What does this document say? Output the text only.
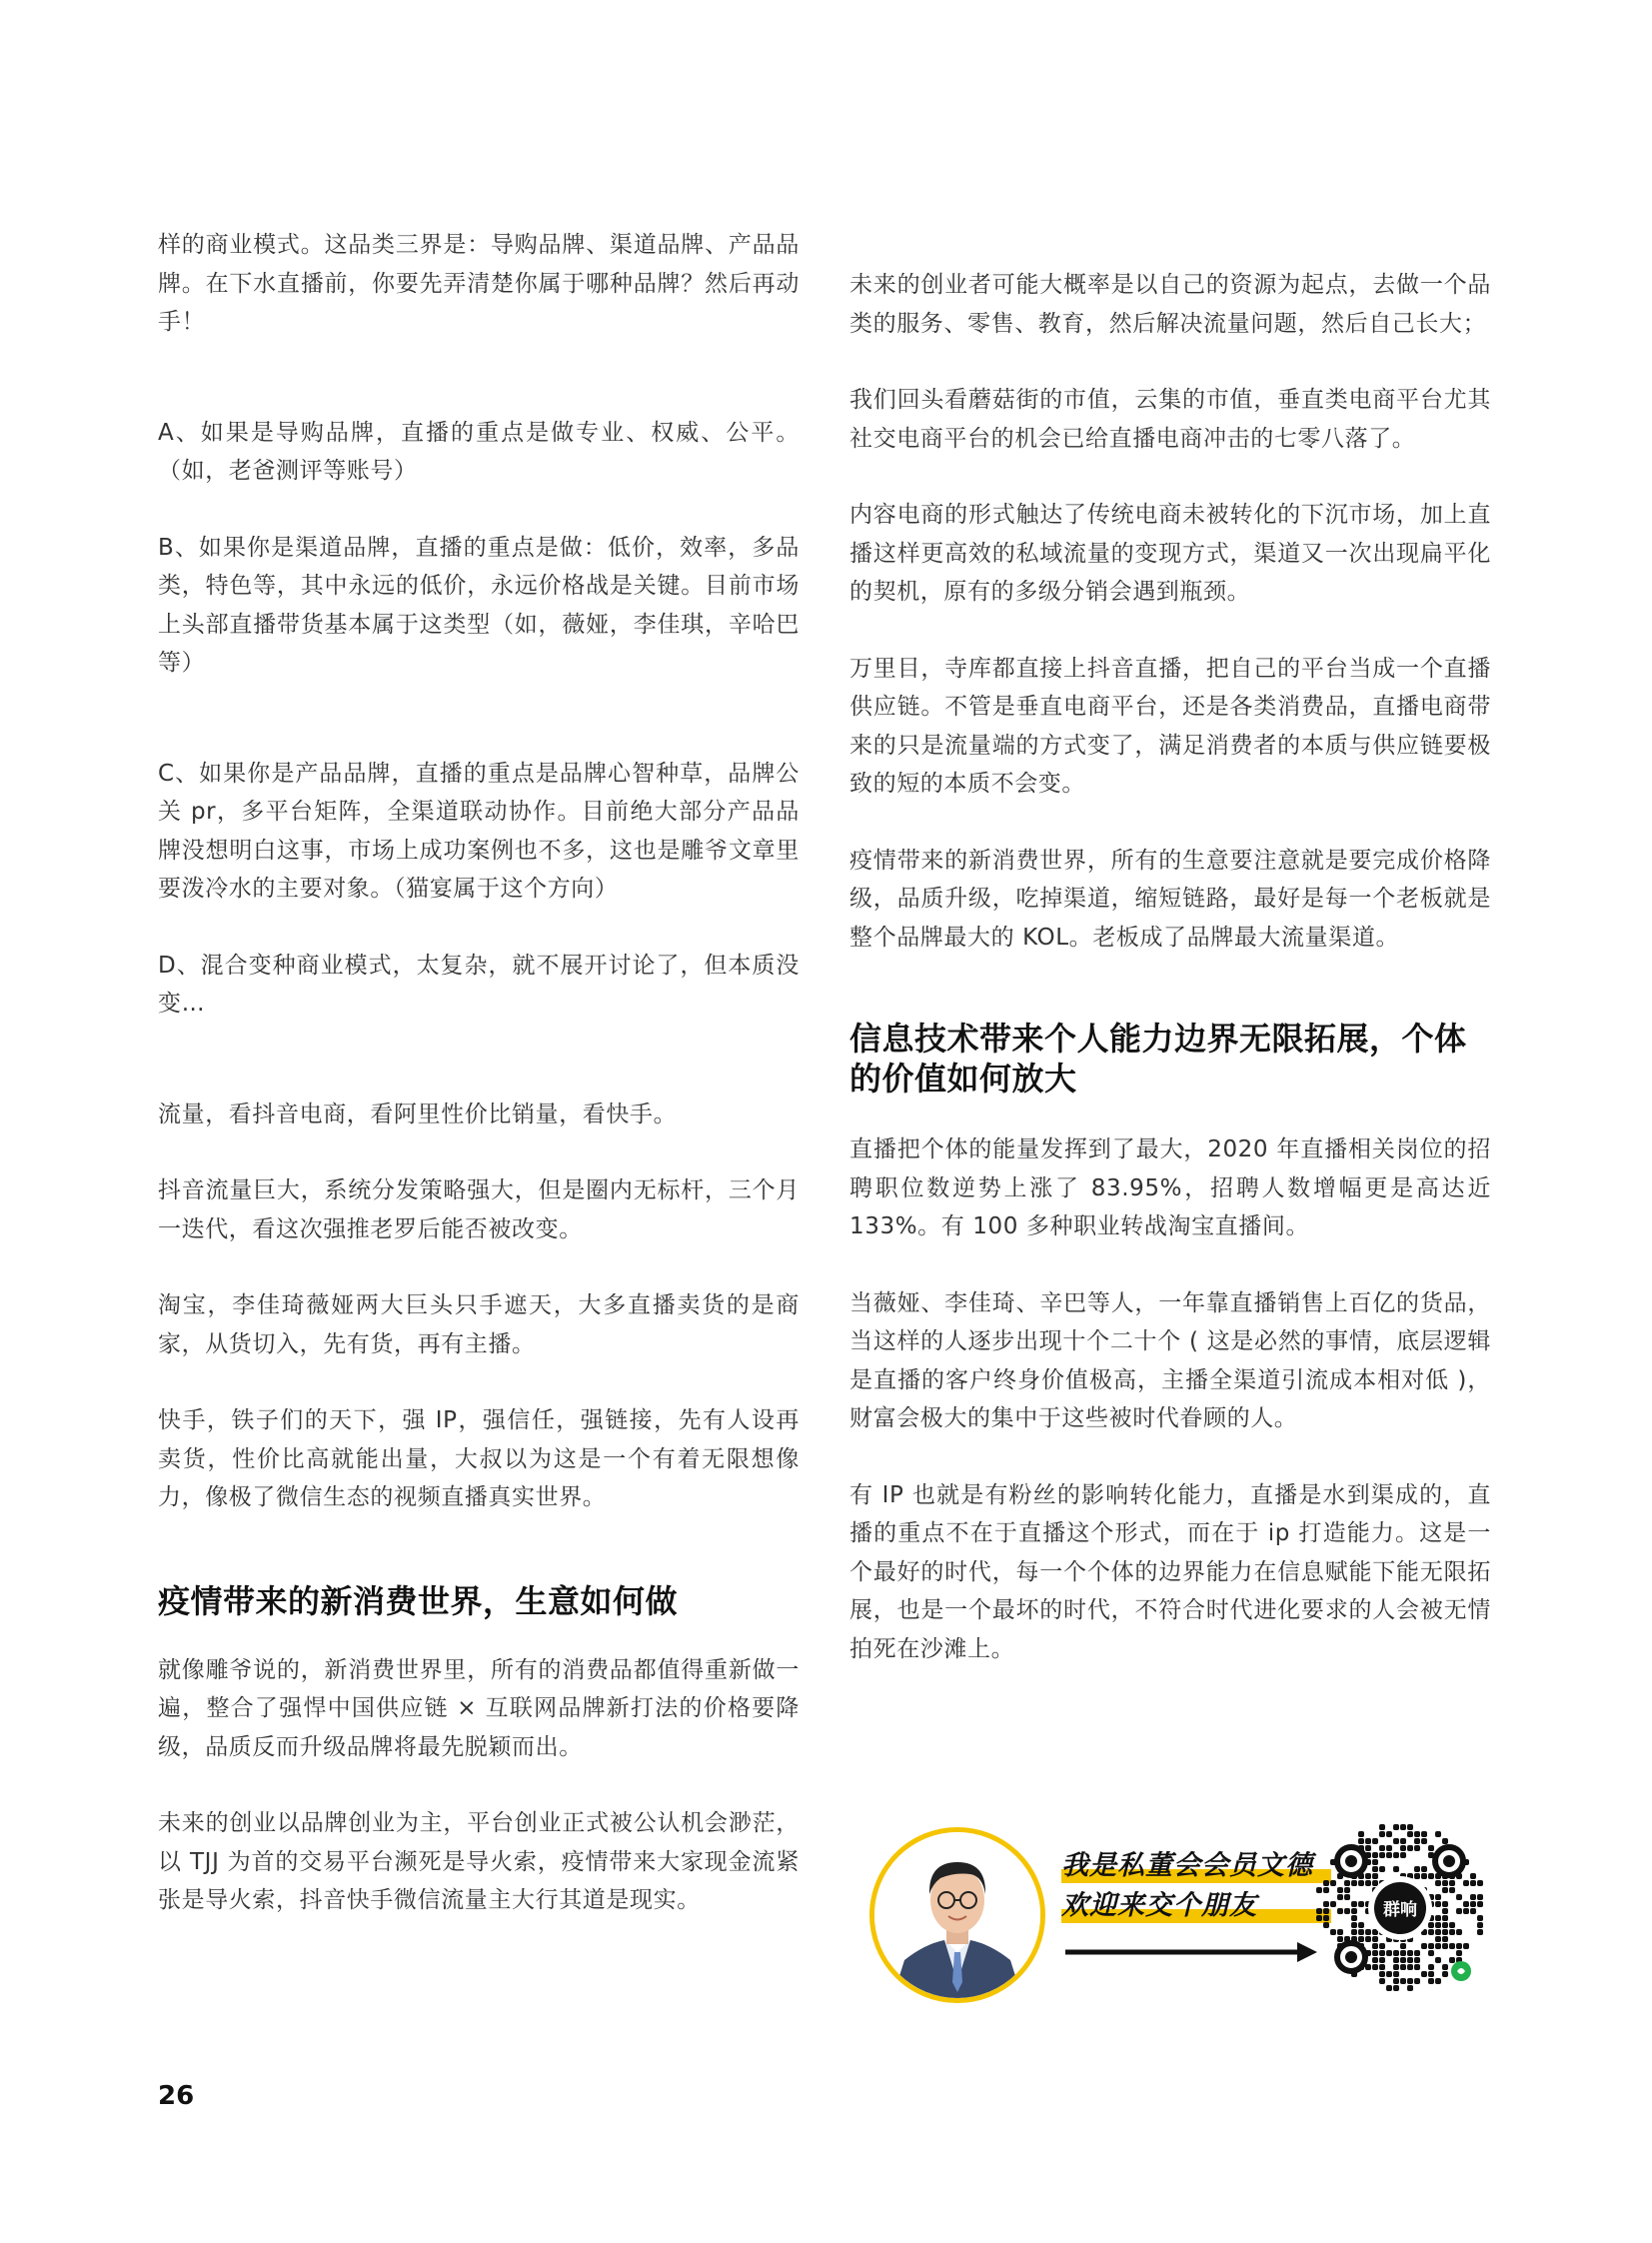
样的商业模式。这品类三界是：导购品牌、渠道品牌、产品品牌。在下水直播前，你要先弄清楚你属于哪种品牌？然后再动手！

A、如果是导购品牌，直播的重点是做专业、权威、公平。（如，老爸测评等账号）

B、如果你是渠道品牌，直播的重点是做：低价，效率，多品类，特色等，其中永远的低价，永远价格战是关键。目前市场上头部直播带货基本属于这类型（如，薇娅，李佳琪，辛哈巴等）

C、如果你是产品品牌，直播的重点是品牌心智种草，品牌公关 pr，多平台矩阵，全渠道联动协作。目前绝大部分产品品牌没想明白这事，市场上成功案例也不多，这也是雕爷文章里要泼冷水的主要对象。（猫宴属于这个方向）

D、混合变种商业模式，太复杂，就不展开讨论了，但本质没变…

流量，看抖音电商，看阿里性价比销量，看快手。

抖音流量巨大，系统分发策略强大，但是圈内无标杆，三个月一迭代，看这次强推老罗后能否被改变。

淘宝，李佳琦薇娅两大巨头只手遮天，大多直播卖货的是商家，从货切入，先有货，再有主播。

快手，铁子们的天下，强 IP，强信任，强链接，先有人设再卖货，性价比高就能出量，大叔以为这是一个有着无限想像力，像极了微信生态的视频直播真实世界。

疫情带来的新消费世界，生意如何做

就像雕爷说的，新消费世界里，所有的消费品都值得重新做一遍，整合了强悍中国供应链 × 互联网品牌新打法的价格要降级，品质反而升级品牌将最先脱颖而出。

未来的创业以品牌创业为主，平台创业正式被公认机会渺茫，以 TJJ 为首的交易平台濒死是导火索，疫情带来大家现金流紧张是导火索，抖音快手微信流量主大行其道是现实。

未来的创业者可能大概率是以自己的资源为起点，去做一个品类的服务、零售、教育，然后解决流量问题，然后自己长大；

我们回头看蘑菇街的市值，云集的市值，垂直类电商平台尤其社交电商平台的机会已给直播电商冲击的七零八落了。

内容电商的形式触达了传统电商未被转化的下沉市场，加上直播这样更高效的私域流量的变现方式，渠道又一次出现扁平化的契机，原有的多级分销会遇到瓶颈。

万里目，寺库都直接上抖音直播，把自己的平台当成一个直播供应链。不管是垂直电商平台，还是各类消费品，直播电商带来的只是流量端的方式变了，满足消费者的本质与供应链要极致的短的本质不会变。

疫情带来的新消费世界，所有的生意要注意就是要完成价格降级，品质升级，吃掉渠道，缩短链路，最好是每一个老板就是整个品牌最大的 KOL。老板成了品牌最大流量渠道。

信息技术带来个人能力边界无限拓展，个体的价值如何放大

直播把个体的能量发挥到了最大，2020 年直播相关岗位的招聘职位数逆势上涨了 83.95%，招聘人数增幅更是高达近 133%。有 100 多种职业转战淘宝直播间。

当薇娅、李佳琦、辛巴等人，一年靠直播销售上百亿的货品，当这样的人逐步出现十个二十个 ( 这是必然的事情，底层逻辑是直播的客户终身价值极高，主播全渠道引流成本相对低 )，财富会极大的集中于这些被时代眷顾的人。

有 IP 也就是有粉丝的影响转化能力，直播是水到渠成的，直播的重点不在于直播这个形式，而在于 ip 打造能力。这是一个最好的时代，每一个个体的边界能力在信息赋能下能无限拓展，也是一个最坏的时代，不符合时代进化要求的人会被无情拍死在沙滩上。

我是私董会会员文德
欢迎来交个朋友	群响
26
